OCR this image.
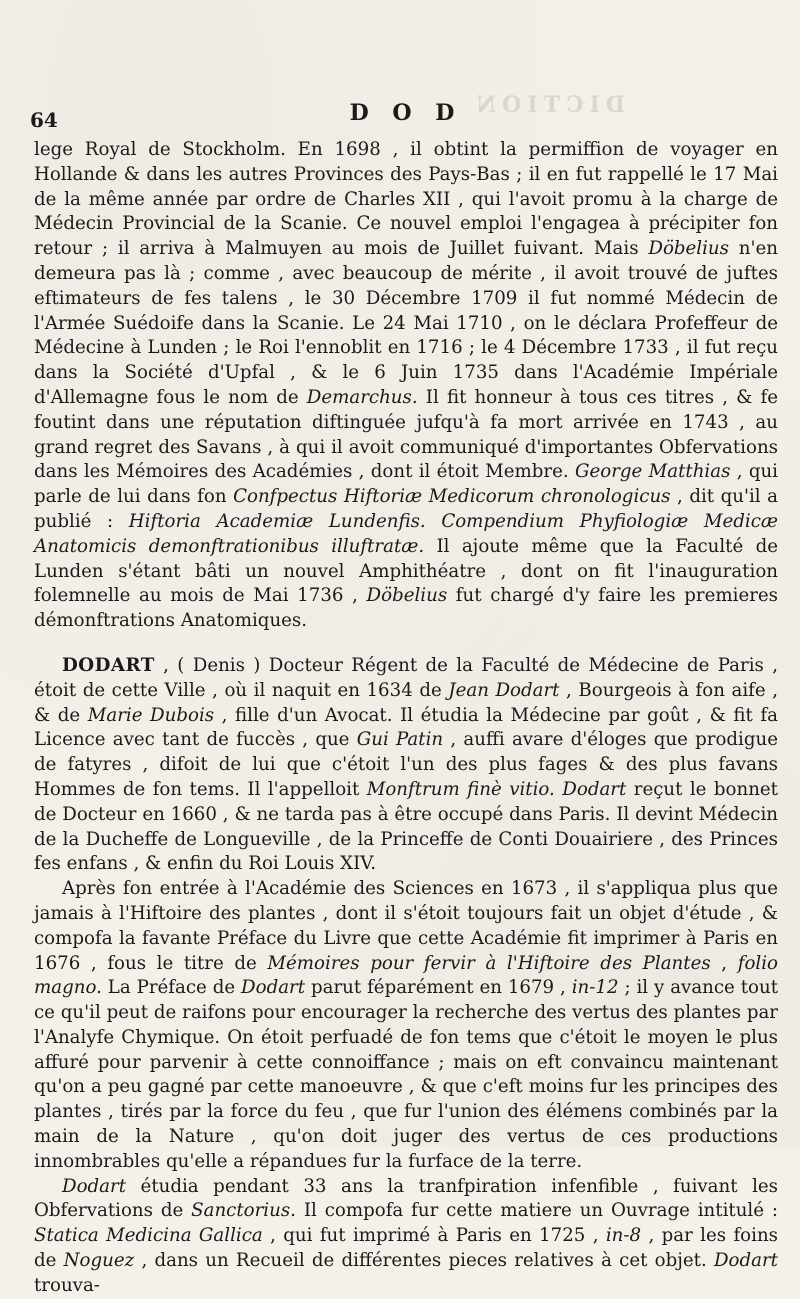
DICTION
64	D O D

lege Royal de Stockholm. En 1698 , il obtint la permiffion de voyager en Hollande & dans les autres Provinces des Pays-Bas ; il en fut rappellé le 17 Mai de la même année par ordre de Charles XII , qui l'avoit promu à la charge de Médecin Provincial de la Scanie. Ce nouvel emploi l'engagea à précipiter fon retour ; il arriva à Malmuyen au mois de Juillet fuivant. Mais Döbelius n'en demeura pas là ; comme , avec beaucoup de mérite , il avoit trouvé de juftes eftimateurs de fes talens , le 30 Décembre 1709 il fut nommé Médecin de l'Armée Suédoife dans la Scanie. Le 24 Mai 1710 , on le déclara Profeffeur de Médecine à Lunden ; le Roi l'ennoblit en 1716 ; le 4 Décembre 1733 , il fut reçu dans la Société d'Upfal , & le 6 Juin 1735 dans l'Académie Impériale d'Allemagne fous le nom de Demarchus. Il fit honneur à tous ces titres , & fe foutint dans une réputation diftinguée jufqu'à fa mort arrivée en 1743 , au grand regret des Savans , à qui il avoit communiqué d'importantes Obfervations dans les Mémoires des Académies , dont il étoit Membre. George Matthias , qui parle de lui dans fon Confpectus Hiftoriæ Medicorum chronologicus , dit qu'il a publié : Hiftoria Academiæ Lundenfis. Compendium Phyfiologiæ Medicæ Anatomicis demonftrationibus illuftratæ. Il ajoute même que la Faculté de Lunden s'étant bâti un nouvel Amphithéatre , dont on fit l'inauguration folemnelle au mois de Mai 1736 , Döbelius fut chargé d'y faire les premieres démonftrations Anatomiques.

DODART , ( Denis ) Docteur Régent de la Faculté de Médecine de Paris , étoit de cette Ville , où il naquit en 1634 de Jean Dodart , Bourgeois à fon aife , & de Marie Dubois , fille d'un Avocat. Il étudia la Médecine par goût , & fit fa Licence avec tant de fuccès , que Gui Patin , auffi avare d'éloges que prodigue de fatyres , difoit de lui que c'étoit l'un des plus fages & des plus favans Hommes de fon tems. Il l'appelloit Monftrum finè vitio. Dodart reçut le bonnet de Docteur en 1660 , & ne tarda pas à être occupé dans Paris. Il devint Médecin de la Ducheffe de Longueville , de la Princeffe de Conti Douairiere , des Princes fes enfans , & enfin du Roi Louis XIV.

Après fon entrée à l'Académie des Sciences en 1673 , il s'appliqua plus que jamais à l'Hiftoire des plantes , dont il s'étoit toujours fait un objet d'étude , & compofa la favante Préface du Livre que cette Académie fit imprimer à Paris en 1676 , fous le titre de Mémoires pour fervir à l'Hiftoire des Plantes , folio magno. La Préface de Dodart parut féparément en 1679 , in-12 ; il y avance tout ce qu'il peut de raifons pour encourager la recherche des vertus des plantes par l'Analyfe Chymique. On étoit perfuadé de fon tems que c'étoit le moyen le plus affuré pour parvenir à cette connoiffance ; mais on eft convaincu maintenant qu'on a peu gagné par cette manoeuvre , & que c'eft moins fur les principes des plantes , tirés par la force du feu , que fur l'union des élémens combinés par la main de la Nature , qu'on doit juger des vertus de ces productions innombrables qu'elle a répandues fur la furface de la terre.

Dodart étudia pendant 33 ans la tranfpiration infenfible , fuivant les Obfervations de Sanctorius. Il compofa fur cette matiere un Ouvrage intitulé : Statica Medicina Gallica , qui fut imprimé à Paris en 1725 , in-8 , par les foins de Noguez , dans un Recueil de différentes pieces relatives à cet objet. Dodart trouva-
